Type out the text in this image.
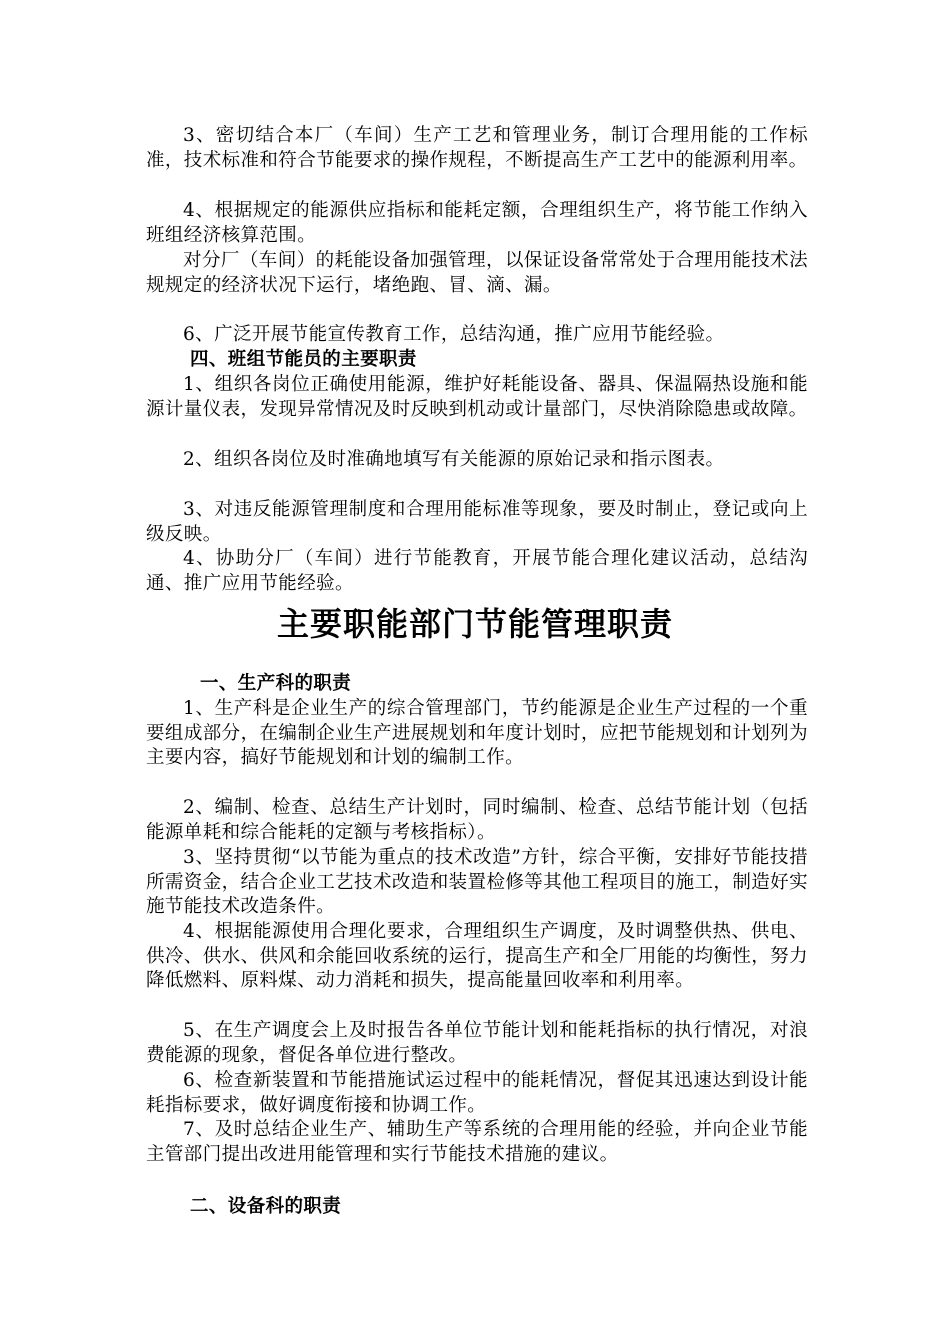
3、密切结合本厂（车间）生产工艺和管理业务，制订合理用能的工作标准，技术标准和符合节能要求的操作规程，不断提高生产工艺中的能源利用率。

4、根据规定的能源供应指标和能耗定额，合理组织生产，将节能工作纳入班组经济核算范围。

对分厂（车间）的耗能设备加强管理，以保证设备常常处于合理用能技术法规规定的经济状况下运行，堵绝跑、冒、滴、漏。

6、广泛开展节能宣传教育工作，总结沟通，推广应用节能经验。

四、班组节能员的主要职责

1、组织各岗位正确使用能源，维护好耗能设备、器具、保温隔热设施和能源计量仪表，发现异常情况及时反映到机动或计量部门，尽快消除隐患或故障。

2、组织各岗位及时准确地填写有关能源的原始记录和指示图表。

3、对违反能源管理制度和合理用能标准等现象，要及时制止，登记或向上级反映。

4、协助分厂（车间）进行节能教育，开展节能合理化建议活动，总结沟通、推广应用节能经验。

主要职能部门节能管理职责
一、生产科的职责

1、生产科是企业生产的综合管理部门，节约能源是企业生产过程的一个重要组成部分，在编制企业生产进展规划和年度计划时，应把节能规划和计划列为主要内容，搞好节能规划和计划的编制工作。

2、编制、检查、总结生产计划时，同时编制、检查、总结节能计划（包括能源单耗和综合能耗的定额与考核指标）。

3、坚持贯彻“以节能为重点的技术改造”方针，综合平衡，安排好节能技措所需资金，结合企业工艺技术改造和装置检修等其他工程项目的施工，制造好实施节能技术改造条件。

4、根据能源使用合理化要求，合理组织生产调度，及时调整供热、供电、供冷、供水、供风和余能回收系统的运行，提高生产和全厂用能的均衡性，努力降低燃料、原料煤、动力消耗和损失，提高能量回收率和利用率。

5、在生产调度会上及时报告各单位节能计划和能耗指标的执行情况，对浪费能源的现象，督促各单位进行整改。

6、检查新装置和节能措施试运过程中的能耗情况，督促其迅速达到设计能耗指标要求，做好调度衔接和协调工作。

7、及时总结企业生产、辅助生产等系统的合理用能的经验，并向企业节能主管部门提出改进用能管理和实行节能技术措施的建议。

二、设备科的职责
